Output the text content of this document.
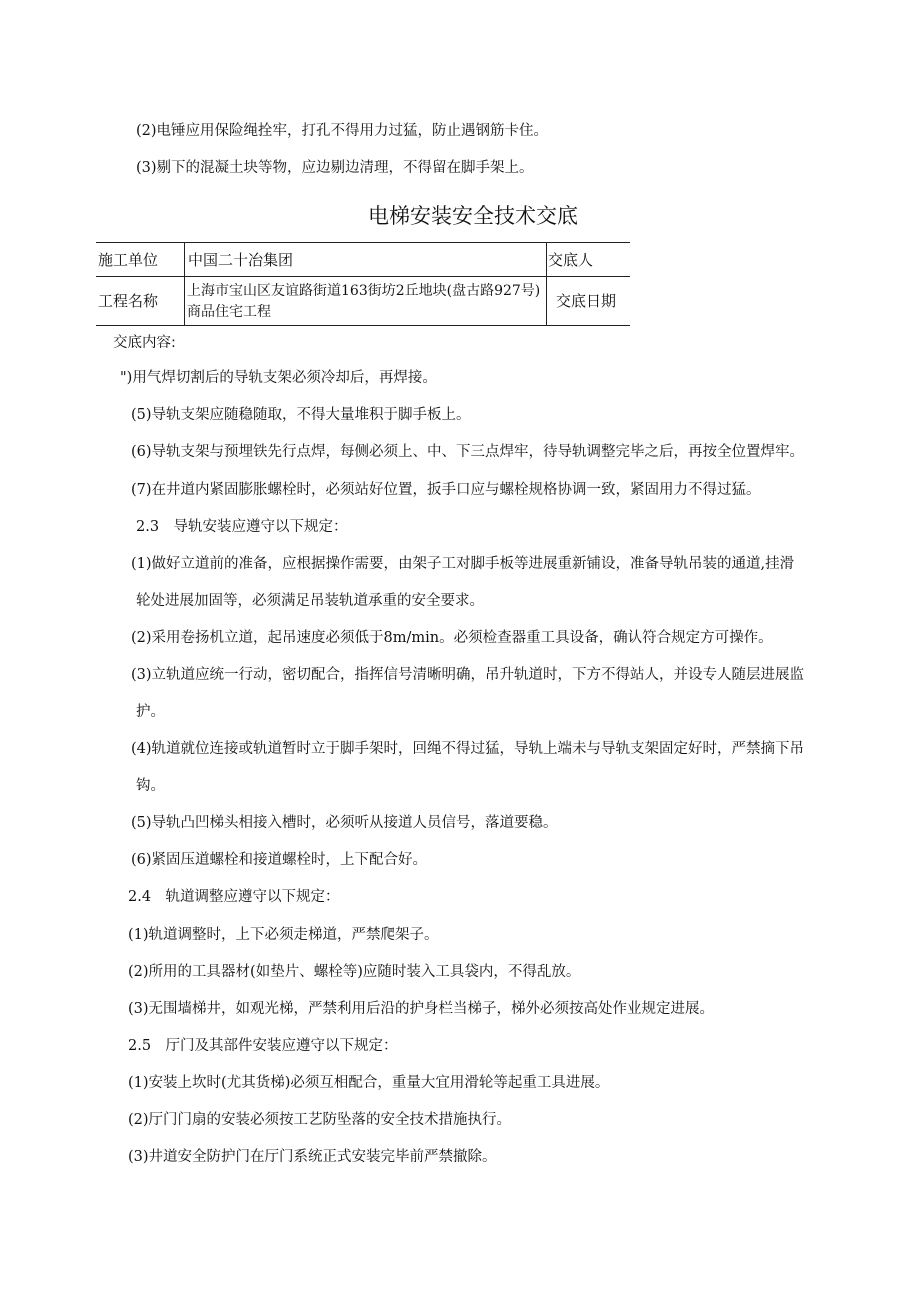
(2)电锤应用保险绳拴牢，打孔不得用力过猛，防止遇钢筋卡住。
(3)剔下的混凝土块等物，应边剔边清理，不得留在脚手架上。
电梯安装安全技术交底
施工单位 中国二十冶集团	交底人
工程名称
上海市宝山区友谊路街道163街坊2丘地块(盘古路927号)商品住宅工程
交底日期
交底内容:
")用气焊切割后的导轨支架必须冷却后，再焊接。
(5)导轨支架应随稳随取，不得大量堆积于脚手板上。
(6)导轨支架与预埋铁先行点焊，每侧必须上、中、下三点焊牢，待导轨调整完毕之后，再按全位置焊牢。
(7)在井道内紧固膨胀螺栓时，必须站好位置，扳手口应与螺栓规格协调一致，紧固用力不得过猛。
2.3　导轨安装应遵守以下规定：
(1)做好立道前的准备，应根据操作需要，由架子工对脚手板等进展重新铺设，准备导轨吊装的通道,挂滑
轮处进展加固等，必须满足吊装轨道承重的安全要求。
(2)采用卷扬机立道，起吊速度必须低于8m/min。必须检查器重工具设备，确认符合规定方可操作。
(3)立轨道应统一行动，密切配合，指挥信号清晰明确，吊升轨道时，下方不得站人，并设专人随层进展监
护。
(4)轨道就位连接或轨道暂时立于脚手架时，回绳不得过猛，导轨上端未与导轨支架固定好时，严禁摘下吊
钩。
(5)导轨凸凹梯头相接入槽时，必须听从接道人员信号，落道要稳。
(6)紧固压道螺栓和接道螺栓时，上下配合好。
2.4　轨道调整应遵守以下规定：
(1)轨道调整时，上下必须走梯道，严禁爬架子。
(2)所用的工具器材(如垫片、螺栓等)应随时装入工具袋内，不得乱放。
(3)无围墙梯井，如观光梯，严禁利用后沿的护身栏当梯子，梯外必须按高处作业规定进展。
2.5　厅门及其部件安装应遵守以下规定：
(1)安装上坎时(尤其货梯)必须互相配合，重量大宜用滑轮等起重工具进展。
(2)厅门门扇的安装必须按工艺防坠落的安全技术措施执行。
(3)井道安全防护门在厅门系统正式安装完毕前严禁撤除。
